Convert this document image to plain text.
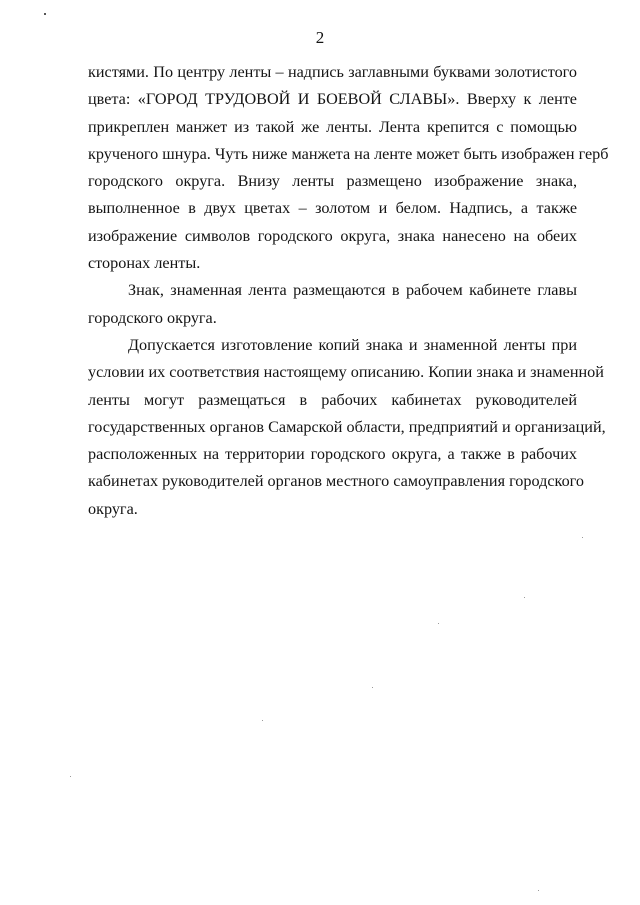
2

кистями. По центру ленты – надпись заглавными буквами золотистого
цвета: «ГОРОД ТРУДОВОЙ И БОЕВОЙ СЛАВЫ». Вверху к ленте
прикреплен манжет из такой же ленты. Лента крепится с помощью
крученого шнура. Чуть ниже манжета на ленте может быть изображен герб
городского округа. Внизу ленты размещено изображение знака,
выполненное в двух цветах – золотом и белом. Надпись, а также
изображение символов городского округа, знака нанесено на обеих
сторонах ленты.

Знак, знаменная лента размещаются в рабочем кабинете главы
городского округа.

Допускается изготовление копий знака и знаменной ленты при
условии их соответствия настоящему описанию. Копии знака и знаменной
ленты могут размещаться в рабочих кабинетах руководителей
государственных органов Самарской области, предприятий и организаций,
расположенных на территории городского округа, а также в рабочих
кабинетах руководителей органов местного самоуправления городского
округа.
